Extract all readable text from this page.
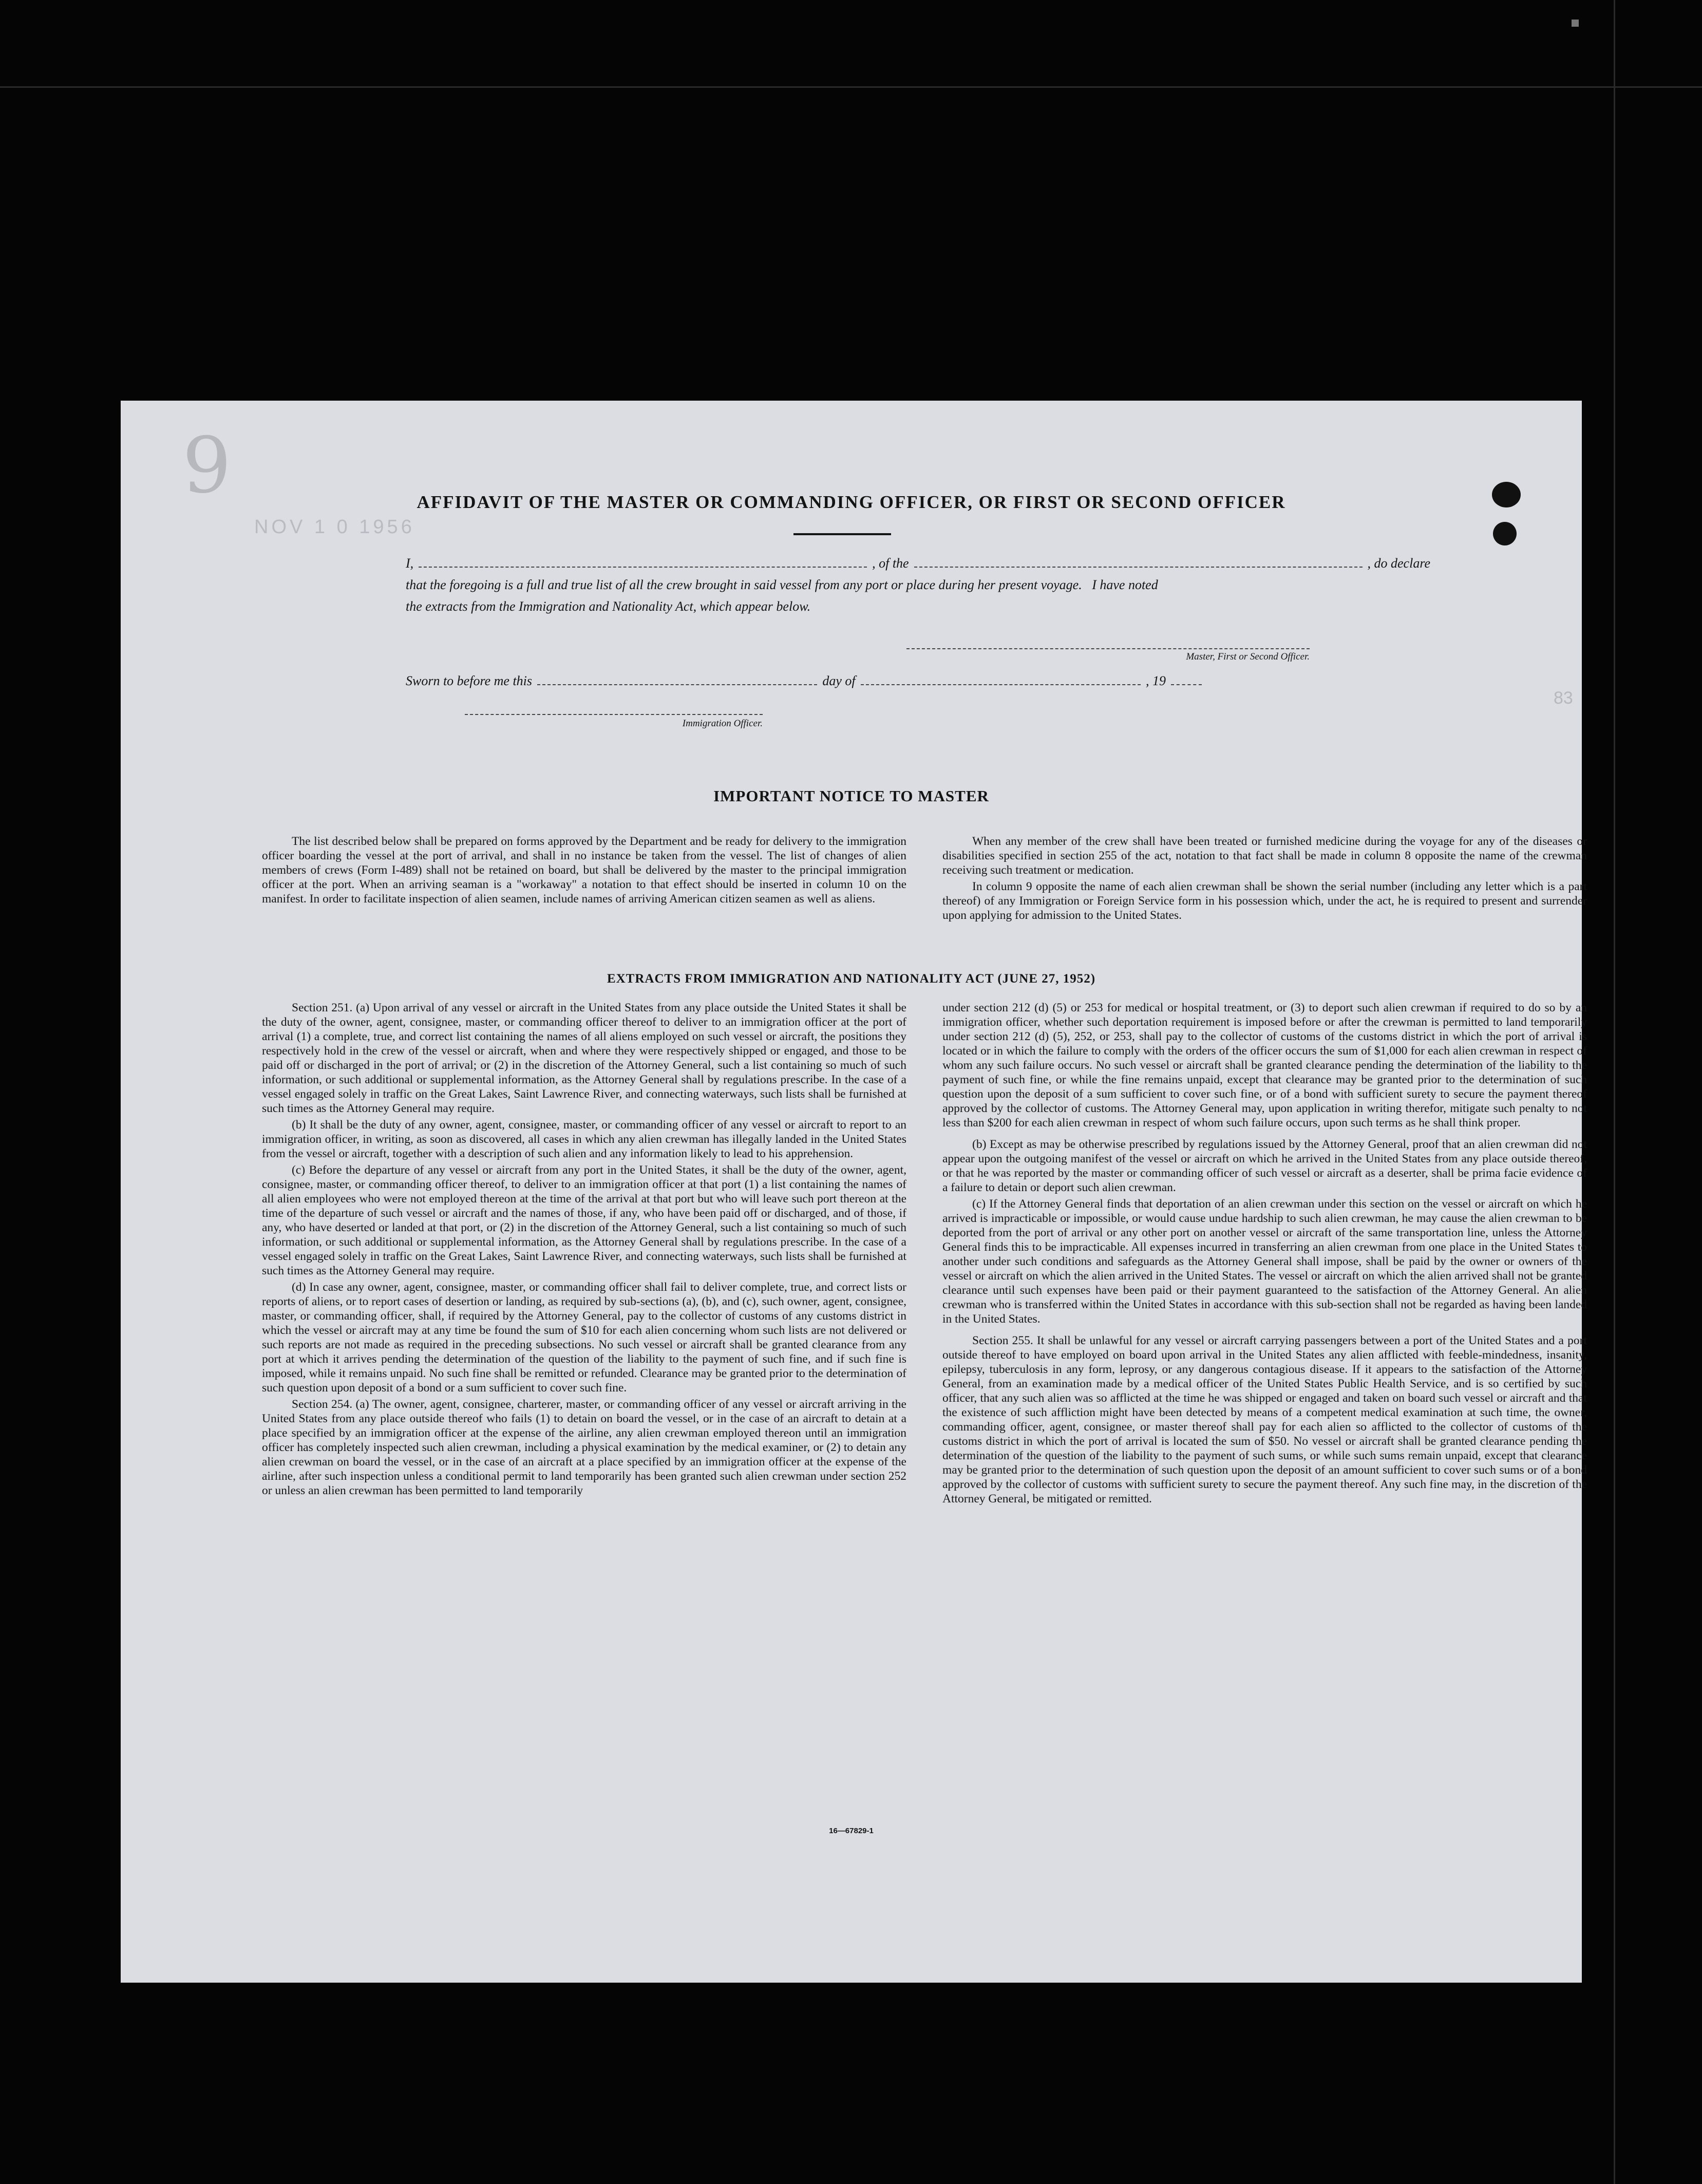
9
NOV 1 0 1956
AFFIDAVIT OF THE MASTER OR COMMANDING OFFICER, OR FIRST OR SECOND OFFICER
I,	, of the	, do declare
that the foregoing is a full and true list of all the crew brought in said vessel from any port or place during her present voyage.   I have noted
the extracts from the Immigration and Nationality Act, which appear below.
Master, First or Second Officer.
Sworn to before me this	day of	, 19
Immigration Officer.
IMPORTANT NOTICE TO MASTER

The list described below shall be prepared on forms approved by the Department and be ready for delivery to the immigration officer boarding the vessel at the port of arrival, and shall in no instance be taken from the vessel. The list of changes of alien members of crews (Form I-489) shall not be retained on board, but shall be delivered by the master to the principal immigration officer at the port. When an arriving seaman is a "workaway" a notation to that effect should be inserted in column 10 on the manifest. In order to facilitate inspection of alien seamen, include names of arriving American citizen seamen as well as aliens.

When any member of the crew shall have been treated or furnished medicine during the voyage for any of the diseases or disabilities specified in section 255 of the act, notation to that fact shall be made in column 8 opposite the name of the crewman receiving such treatment or medication.

In column 9 opposite the name of each alien crewman shall be shown the serial number (including any letter which is a part thereof) of any Immigration or Foreign Service form in his possession which, under the act, he is required to present and surrender upon applying for admission to the United States.

EXTRACTS FROM IMMIGRATION AND NATIONALITY ACT (JUNE 27, 1952)

Section 251. (a) Upon arrival of any vessel or aircraft in the United States from any place outside the United States it shall be the duty of the owner, agent, consignee, master, or commanding officer thereof to deliver to an immigration officer at the port of arrival (1) a complete, true, and correct list containing the names of all aliens employed on such vessel or aircraft, the positions they respectively hold in the crew of the vessel or aircraft, when and where they were respectively shipped or engaged, and those to be paid off or discharged in the port of arrival; or (2) in the discretion of the Attorney General, such a list containing so much of such information, or such additional or supplemental information, as the Attorney General shall by regulations prescribe. In the case of a vessel engaged solely in traffic on the Great Lakes, Saint Lawrence River, and connecting waterways, such lists shall be furnished at such times as the Attorney General may require.

(b) It shall be the duty of any owner, agent, consignee, master, or commanding officer of any vessel or aircraft to report to an immigration officer, in writing, as soon as discovered, all cases in which any alien crewman has illegally landed in the United States from the vessel or aircraft, together with a description of such alien and any information likely to lead to his apprehension.

(c) Before the departure of any vessel or aircraft from any port in the United States, it shall be the duty of the owner, agent, consignee, master, or commanding officer thereof, to deliver to an immigration officer at that port (1) a list containing the names of all alien employees who were not employed thereon at the time of the arrival at that port but who will leave such port thereon at the time of the departure of such vessel or aircraft and the names of those, if any, who have been paid off or discharged, and of those, if any, who have deserted or landed at that port, or (2) in the discretion of the Attorney General, such a list containing so much of such information, or such additional or supplemental information, as the Attorney General shall by regulations prescribe. In the case of a vessel engaged solely in traffic on the Great Lakes, Saint Lawrence River, and connecting waterways, such lists shall be furnished at such times as the Attorney General may require.

(d) In case any owner, agent, consignee, master, or commanding officer shall fail to deliver complete, true, and correct lists or reports of aliens, or to report cases of desertion or landing, as required by sub-sections (a), (b), and (c), such owner, agent, consignee, master, or commanding officer, shall, if required by the Attorney General, pay to the collector of customs of any customs district in which the vessel or aircraft may at any time be found the sum of $10 for each alien concerning whom such lists are not delivered or such reports are not made as required in the preceding subsections. No such vessel or aircraft shall be granted clearance from any port at which it arrives pending the determination of the question of the liability to the payment of such fine, and if such fine is imposed, while it remains unpaid. No such fine shall be remitted or refunded. Clearance may be granted prior to the determination of such question upon deposit of a bond or a sum sufficient to cover such fine.

Section 254. (a) The owner, agent, consignee, charterer, master, or commanding officer of any vessel or aircraft arriving in the United States from any place outside thereof who fails (1) to detain on board the vessel, or in the case of an aircraft to detain at a place specified by an immigration officer at the expense of the airline, any alien crewman employed thereon until an immigration officer has completely inspected such alien crewman, including a physical examination by the medical examiner, or (2) to detain any alien crewman on board the vessel, or in the case of an aircraft at a place specified by an immigration officer at the expense of the airline, after such inspection unless a conditional permit to land temporarily has been granted such alien crewman under section 252 or unless an alien crewman has been permitted to land temporarily

under section 212 (d) (5) or 253 for medical or hospital treatment, or (3) to deport such alien crewman if required to do so by an immigration officer, whether such deportation requirement is imposed before or after the crewman is permitted to land temporarily under section 212 (d) (5), 252, or 253, shall pay to the collector of customs of the customs district in which the port of arrival is located or in which the failure to comply with the orders of the officer occurs the sum of $1,000 for each alien crewman in respect of whom any such failure occurs. No such vessel or aircraft shall be granted clearance pending the determination of the liability to the payment of such fine, or while the fine remains unpaid, except that clearance may be granted prior to the determination of such question upon the deposit of a sum sufficient to cover such fine, or of a bond with sufficient surety to secure the payment thereof approved by the collector of customs. The Attorney General may, upon application in writing therefor, mitigate such penalty to not less than $200 for each alien crewman in respect of whom such failure occurs, upon such terms as he shall think proper.

(b) Except as may be otherwise prescribed by regulations issued by the Attorney General, proof that an alien crewman did not appear upon the outgoing manifest of the vessel or aircraft on which he arrived in the United States from any place outside thereof, or that he was reported by the master or commanding officer of such vessel or aircraft as a deserter, shall be prima facie evidence of a failure to detain or deport such alien crewman.

(c) If the Attorney General finds that deportation of an alien crewman under this section on the vessel or aircraft on which he arrived is impracticable or impossible, or would cause undue hardship to such alien crewman, he may cause the alien crewman to be deported from the port of arrival or any other port on another vessel or aircraft of the same transportation line, unless the Attorney General finds this to be impracticable. All expenses incurred in transferring an alien crewman from one place in the United States to another under such conditions and safeguards as the Attorney General shall impose, shall be paid by the owner or owners of the vessel or aircraft on which the alien arrived in the United States. The vessel or aircraft on which the alien arrived shall not be granted clearance until such expenses have been paid or their payment guaranteed to the satisfaction of the Attorney General. An alien crewman who is transferred within the United States in accordance with this sub-section shall not be regarded as having been landed in the United States.

Section 255. It shall be unlawful for any vessel or aircraft carrying passengers between a port of the United States and a port outside thereof to have employed on board upon arrival in the United States any alien afflicted with feeble-mindedness, insanity, epilepsy, tuberculosis in any form, leprosy, or any dangerous contagious disease. If it appears to the satisfaction of the Attorney General, from an examination made by a medical officer of the United States Public Health Service, and is so certified by such officer, that any such alien was so afflicted at the time he was shipped or engaged and taken on board such vessel or aircraft and that the existence of such affliction might have been detected by means of a competent medical examination at such time, the owner, commanding officer, agent, consignee, or master thereof shall pay for each alien so afflicted to the collector of customs of the customs district in which the port of arrival is located the sum of $50. No vessel or aircraft shall be granted clearance pending the determination of the question of the liability to the payment of such sums, or while such sums remain unpaid, except that clearance may be granted prior to the determination of such question upon the deposit of an amount sufficient to cover such sums or of a bond approved by the collector of customs with sufficient surety to secure the payment thereof. Any such fine may, in the discretion of the Attorney General, be mitigated or remitted.

16—67829-1
83
